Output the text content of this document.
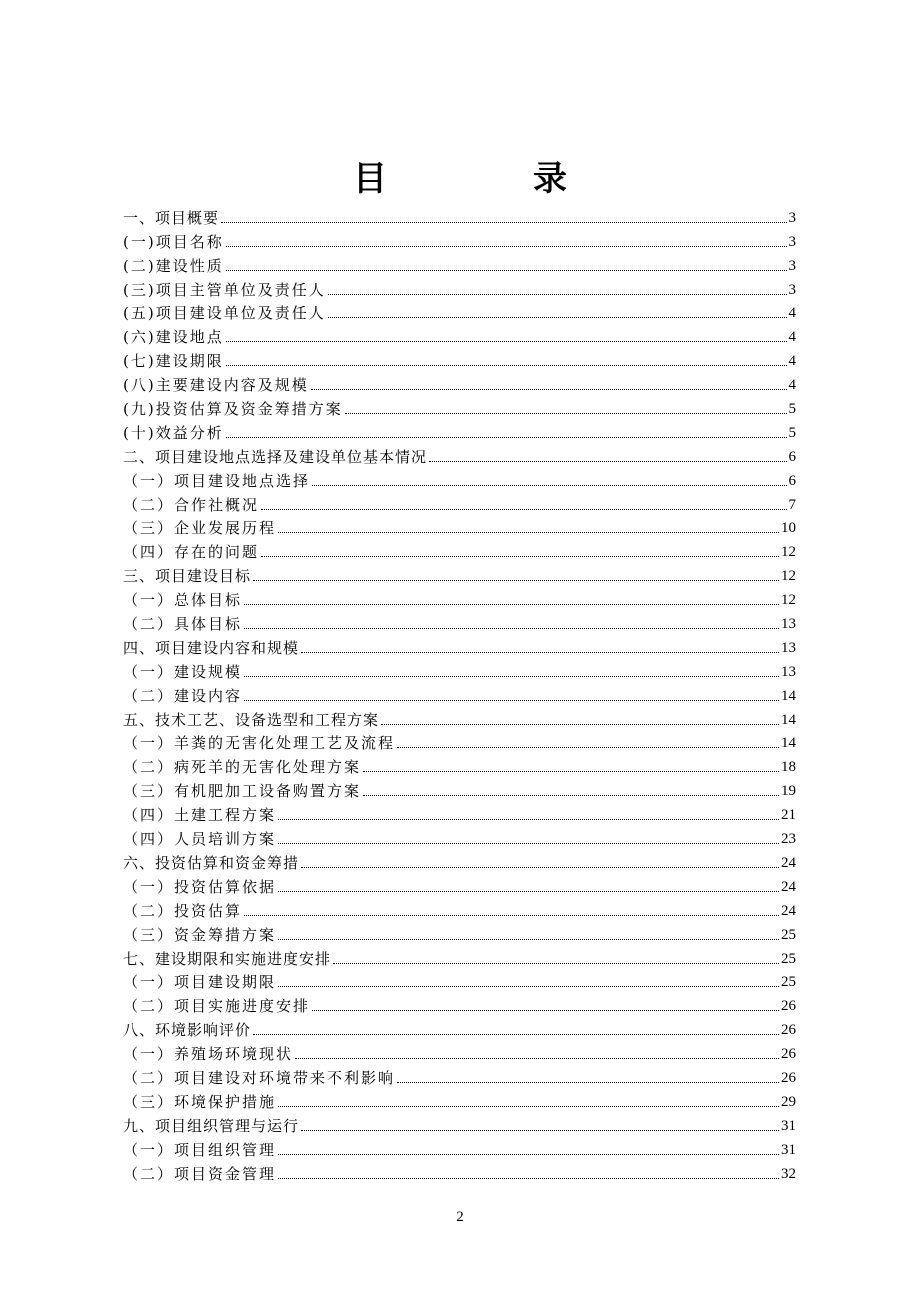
目　录
一、项目概要	3
(一)项目名称	3
(二)建设性质	3
(三)项目主管单位及责任人	3
(五)项目建设单位及责任人	4
(六)建设地点	4
(七)建设期限	4
(八)主要建设内容及规模	4
(九)投资估算及资金筹措方案	5
(十)效益分析	5
二、项目建设地点选择及建设单位基本情况	6
（一）项目建设地点选择	6
（二）合作社概况	7
（三）企业发展历程	10
（四）存在的问题	12
三、项目建设目标	12
（一）总体目标	12
（二）具体目标	13
四、项目建设内容和规模	13
（一）建设规模	13
（二）建设内容	14
五、技术工艺、设备选型和工程方案	14
（一）羊粪的无害化处理工艺及流程	14
（二）病死羊的无害化处理方案	18
（三）有机肥加工设备购置方案	19
（四）土建工程方案	21
（四）人员培训方案	23
六、投资估算和资金筹措	24
（一）投资估算依据	24
（二）投资估算	24
（三）资金筹措方案	25
七、建设期限和实施进度安排	25
（一）项目建设期限	25
（二）项目实施进度安排	26
八、环境影响评价	26
（一）养殖场环境现状	26
（二）项目建设对环境带来不利影响	26
（三）环境保护措施	29
九、项目组织管理与运行	31
（一）项目组织管理	31
（二）项目资金管理	32
2
